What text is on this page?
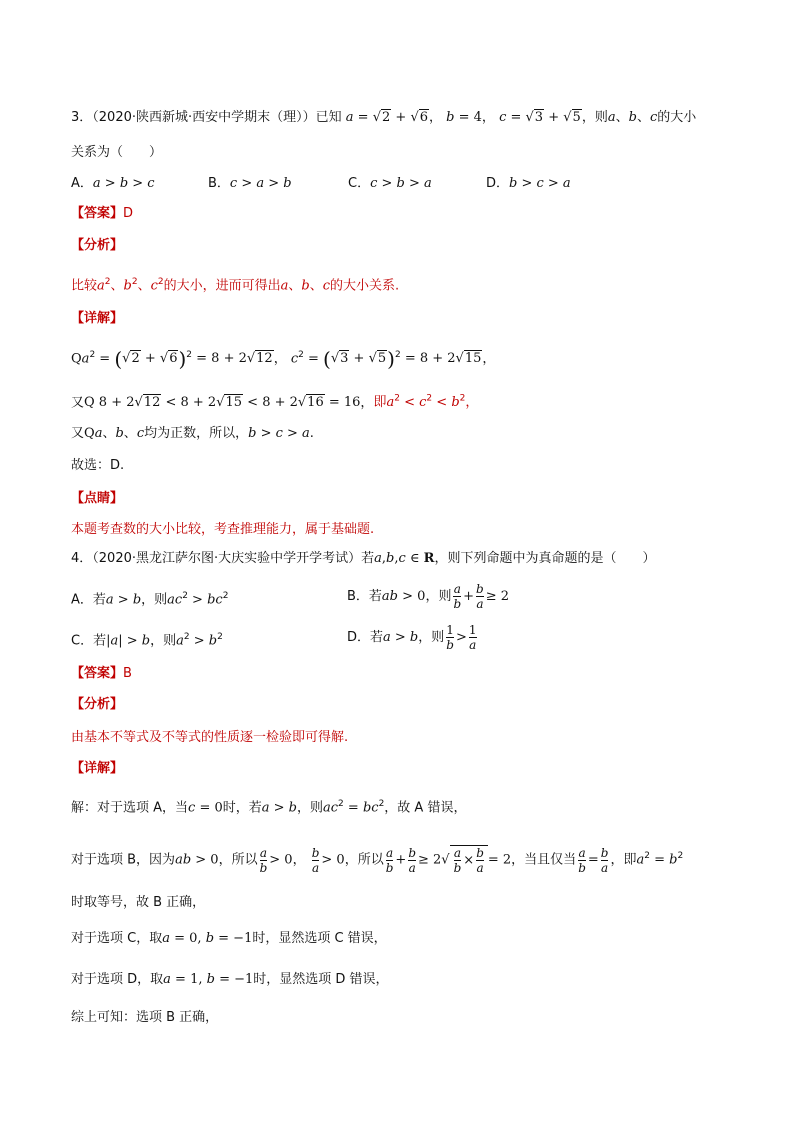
3．（2020·陕西新城·西安中学期末（理））已知 a = √2 + √6， b = 4， c = √3 + √5，则a、b、c的大小
关系为（　　）
A．a > b > c	B．c > a > b	C．c > b > a	D．b > c > a
【答案】D
【分析】
比较$a^2$、$b^2$、$c^2$的大小，进而可得出a、b、c的大小关系.
【详解】
$Qa^2 = (√2 + √6)^2 = 8 + 2√12$， $c^2 = (√3 + √5)^2 = 8 + 2√15$，
又Q 8 + 2√12 < 8 + 2√15 < 8 + 2√16 = 16，即$a^2 < c^2 < b^2$，
又Qa、b、c均为正数，所以，b > c > a.
故选：D.
【点睛】
本题考查数的大小比较，考查推理能力，属于基础题.
4．（2020·黑龙江萨尔图·大庆实验中学开学考试）若a,b,c ∈ R，则下列命题中为真命题的是（　　）
A．若a > b，则$ac^2 > bc^2$	B．若ab > 0，则 $\frac{a}{b} + \frac{b}{a} \ge 2$
C．若|a| > b，则$a^2 > b^2$	D．若a > b，则 $\frac{1}{b} > \frac{1}{a}$
【答案】B
【分析】
由基本不等式及不等式的性质逐一检验即可得解.
【详解】
解：对于选项 A，当c = 0时，若a > b，则$ac^2 = bc^2$，故 A 错误，
对于选项 B，因为ab > 0，所以 $\frac{a}{b} > 0$， $\frac{b}{a} > 0$，所以 $\frac{a}{b} + \frac{b}{a} \ge 2√ \frac{a}{b} \times \frac{b}{a} = 2$，当且仅当 $\frac{a}{b} = \frac{b}{a}$ ，即$a^2 = b^2$
时取等号，故 B 正确，
对于选项 C，取a = 0, b = −1时，显然选项 C 错误，
对于选项 D，取a = 1, b = −1时，显然选项 D 错误，
综上可知：选项 B 正确，
